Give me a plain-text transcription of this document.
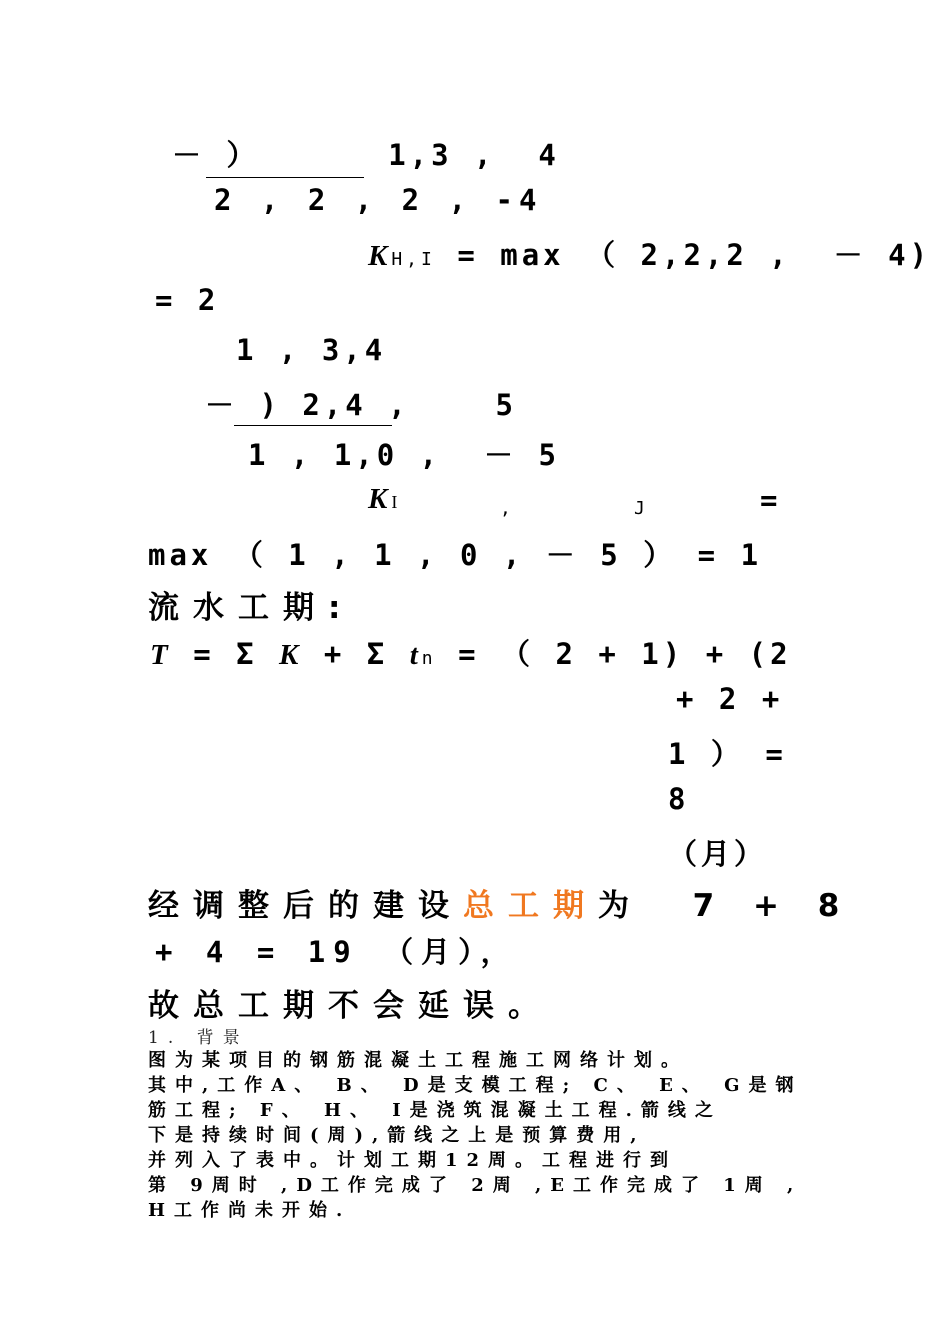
－ ）      1,3 ,  4
2 , 2 , 2 , -4
KH,I = max （ 2,2,2 ,  － 4)
= 2
1 , 3,4
－ ) 2,4 ,    5
1 , 1,0 ,  － 5
KI	,	J	=
max （ 1 , 1 , 0 , － 5 ） = 1
流水工期:
T = Σ K + Σ tn = （ 2 + 1) + (2
+ 2 +
1 ） =
8
（月）
经调整后的建设总工期为  7 + 8
+ 4 = 19 （月），
故总工期不会延误。
1. 背景
图为某项目的钢筋混凝土工程施工网络计划。
其中,工作A、 B、 D是支模工程; C、 E、 G是钢
筋工程; F、 H、 I是浇筑混凝土工程.箭线之
下是持续时间(周),箭线之上是预算费用,
并列入了表中。计划工期12周。工程进行到
第 9周时 ,D工作完成了 2周 ,E工作完成了 1周 ,
H工作尚未开始.
